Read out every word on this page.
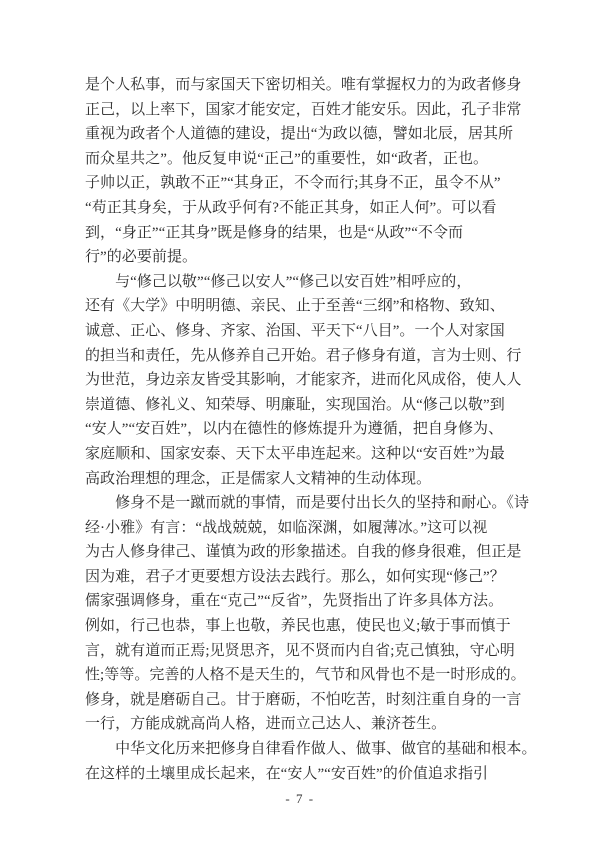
是个人私事，而与家国天下密切相关。唯有掌握权力的为政者修身
正己，以上率下，国家才能安定，百姓才能安乐。因此，孔子非常
重视为政者个人道德的建设，提出“为政以德，譬如北辰，居其所
而众星共之”。他反复申说“正己”的重要性，如“政者，正也。
子帅以正，孰敢不正”“其身正，不令而行;其身不正，虽令不从”
“苟正其身矣，于从政乎何有?不能正其身，如正人何”。可以看
到，“身正”“正其身”既是修身的结果，也是“从政”“不令而
行”的必要前提。
　　与“修己以敬”“修己以安人”“修己以安百姓”相呼应的，
还有《大学》中明明德、亲民、止于至善“三纲”和格物、致知、
诚意、正心、修身、齐家、治国、平天下“八目”。一个人对家国
的担当和责任，先从修养自己开始。君子修身有道，言为士则、行
为世范，身边亲友皆受其影响，才能家齐，进而化风成俗，使人人
崇道德、修礼义、知荣辱、明廉耻，实现国治。从“修己以敬”到
“安人”“安百姓”，以内在德性的修炼提升为遵循，把自身修为、
家庭顺和、国家安泰、天下太平串连起来。这种以“安百姓”为最
高政治理想的理念，正是儒家人文精神的生动体现。
　　修身不是一蹴而就的事情，而是要付出长久的坚持和耐心。《诗
经·小雅》有言：“战战兢兢，如临深渊，如履薄冰。”这可以视
为古人修身律己、谨慎为政的形象描述。自我的修身很难，但正是
因为难，君子才更要想方设法去践行。那么，如何实现“修己”？
儒家强调修身，重在“克己”“反省”，先贤指出了许多具体方法。
例如，行己也恭，事上也敬，养民也惠，使民也义;敏于事而慎于
言，就有道而正焉;见贤思齐，见不贤而内自省;克己慎独，守心明
性;等等。完善的人格不是天生的，气节和风骨也不是一时形成的。
修身，就是磨砺自己。甘于磨砺，不怕吃苦，时刻注重自身的一言
一行，方能成就高尚人格，进而立己达人、兼济苍生。
　　中华文化历来把修身自律看作做人、做事、做官的基础和根本。
在这样的土壤里成长起来，在“安人”“安百姓”的价值追求指引
- 7 -
